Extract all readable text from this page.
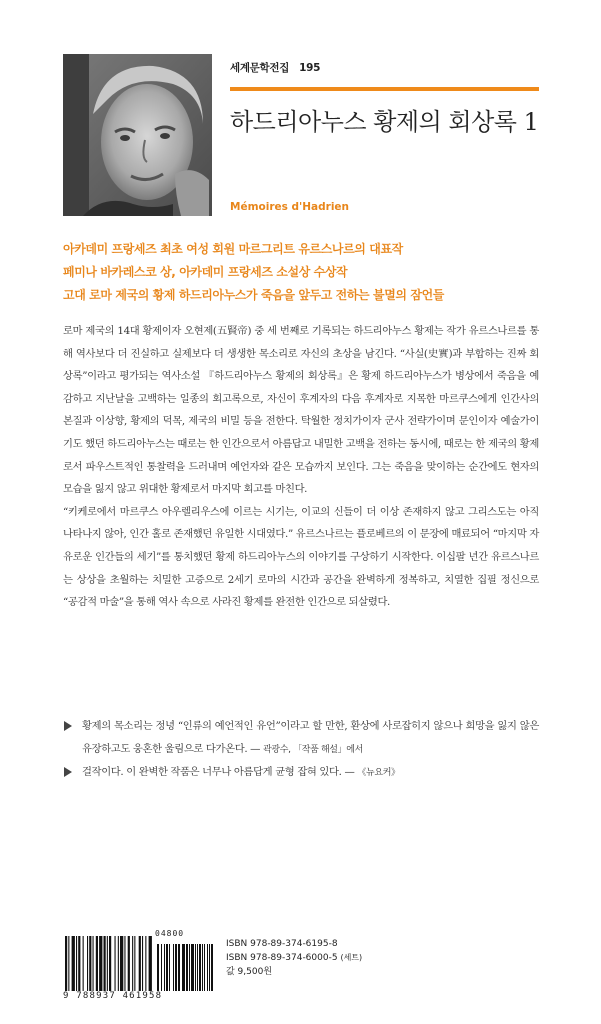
세계문학전집 195
하드리아누스 황제의 회상록 1
Mémoires d'Hadrien
아카데미 프랑세즈 최초 여성 회원 마르그리트 유르스나르의 대표작
페미나 바카레스코 상, 아카데미 프랑세즈 소설상 수상작
고대 로마 제국의 황제 하드리아누스가 죽음을 앞두고 전하는 불멸의 잠언들

로마 제국의 14대 황제이자 오현제(五賢帝) 중 세 번째로 기록되는 하드리아누스 황제는 작가 유르스나르를 통해 역사보다 더 진실하고 실제보다 더 생생한 목소리로 자신의 초상을 남긴다. “사실(史實)과 부합하는 진짜 회상록”이라고 평가되는 역사소설 『하드리아누스 황제의 회상록』은 황제 하드리아누스가 병상에서 죽음을 예감하고 지난날을 고백하는 일종의 회고록으로, 자신이 후계자의 다음 후계자로 지목한 마르쿠스에게 인간사의 본질과 이상향, 황제의 덕목, 제국의 비밀 등을 전한다. 탁월한 정치가이자 군사 전략가이며 문인이자 예술가이기도 했던 하드리아누스는 때로는 한 인간으로서 아름답고 내밀한 고백을 전하는 동시에, 때로는 한 제국의 황제로서 파우스트적인 통찰력을 드러내며 예언자와 같은 모습까지 보인다. 그는 죽음을 맞이하는 순간에도 현자의 모습을 잃지 않고 위대한 황제로서 마지막 회고를 마친다.

“키케로에서 마르쿠스 아우렐리우스에 이르는 시기는, 이교의 신들이 더 이상 존재하지 않고 그리스도는 아직 나타나지 않아, 인간 홀로 존재했던 유일한 시대였다.” 유르스나르는 플로베르의 이 문장에 매료되어 “마지막 자유로운 인간들의 세기”를 통치했던 황제 하드리아누스의 이야기를 구상하기 시작한다. 이십팔 년간 유르스나르는 상상을 초월하는 치밀한 고증으로 2세기 로마의 시간과 공간을 완벽하게 정복하고, 치열한 집필 정신으로 “공감적 마술”을 통해 역사 속으로 사라진 황제를 완전한 인간으로 되살렸다.

황제의 목소리는 정녕 “인류의 예언적인 유언”이라고 할 만한, 환상에 사로잡히지 않으나 희망을 잃지 않은 유장하고도 웅혼한 울림으로 다가온다. — 곽광수, 「작품 해설」에서
걸작이다. 이 완벽한 작품은 너무나 아름답게 균형 잡혀 있다. — 《뉴요커》
04800
9 788937 461958
ISBN 978-89-374-6195-8
ISBN 978-89-374-6000-5 (세트)
값 9,500원
